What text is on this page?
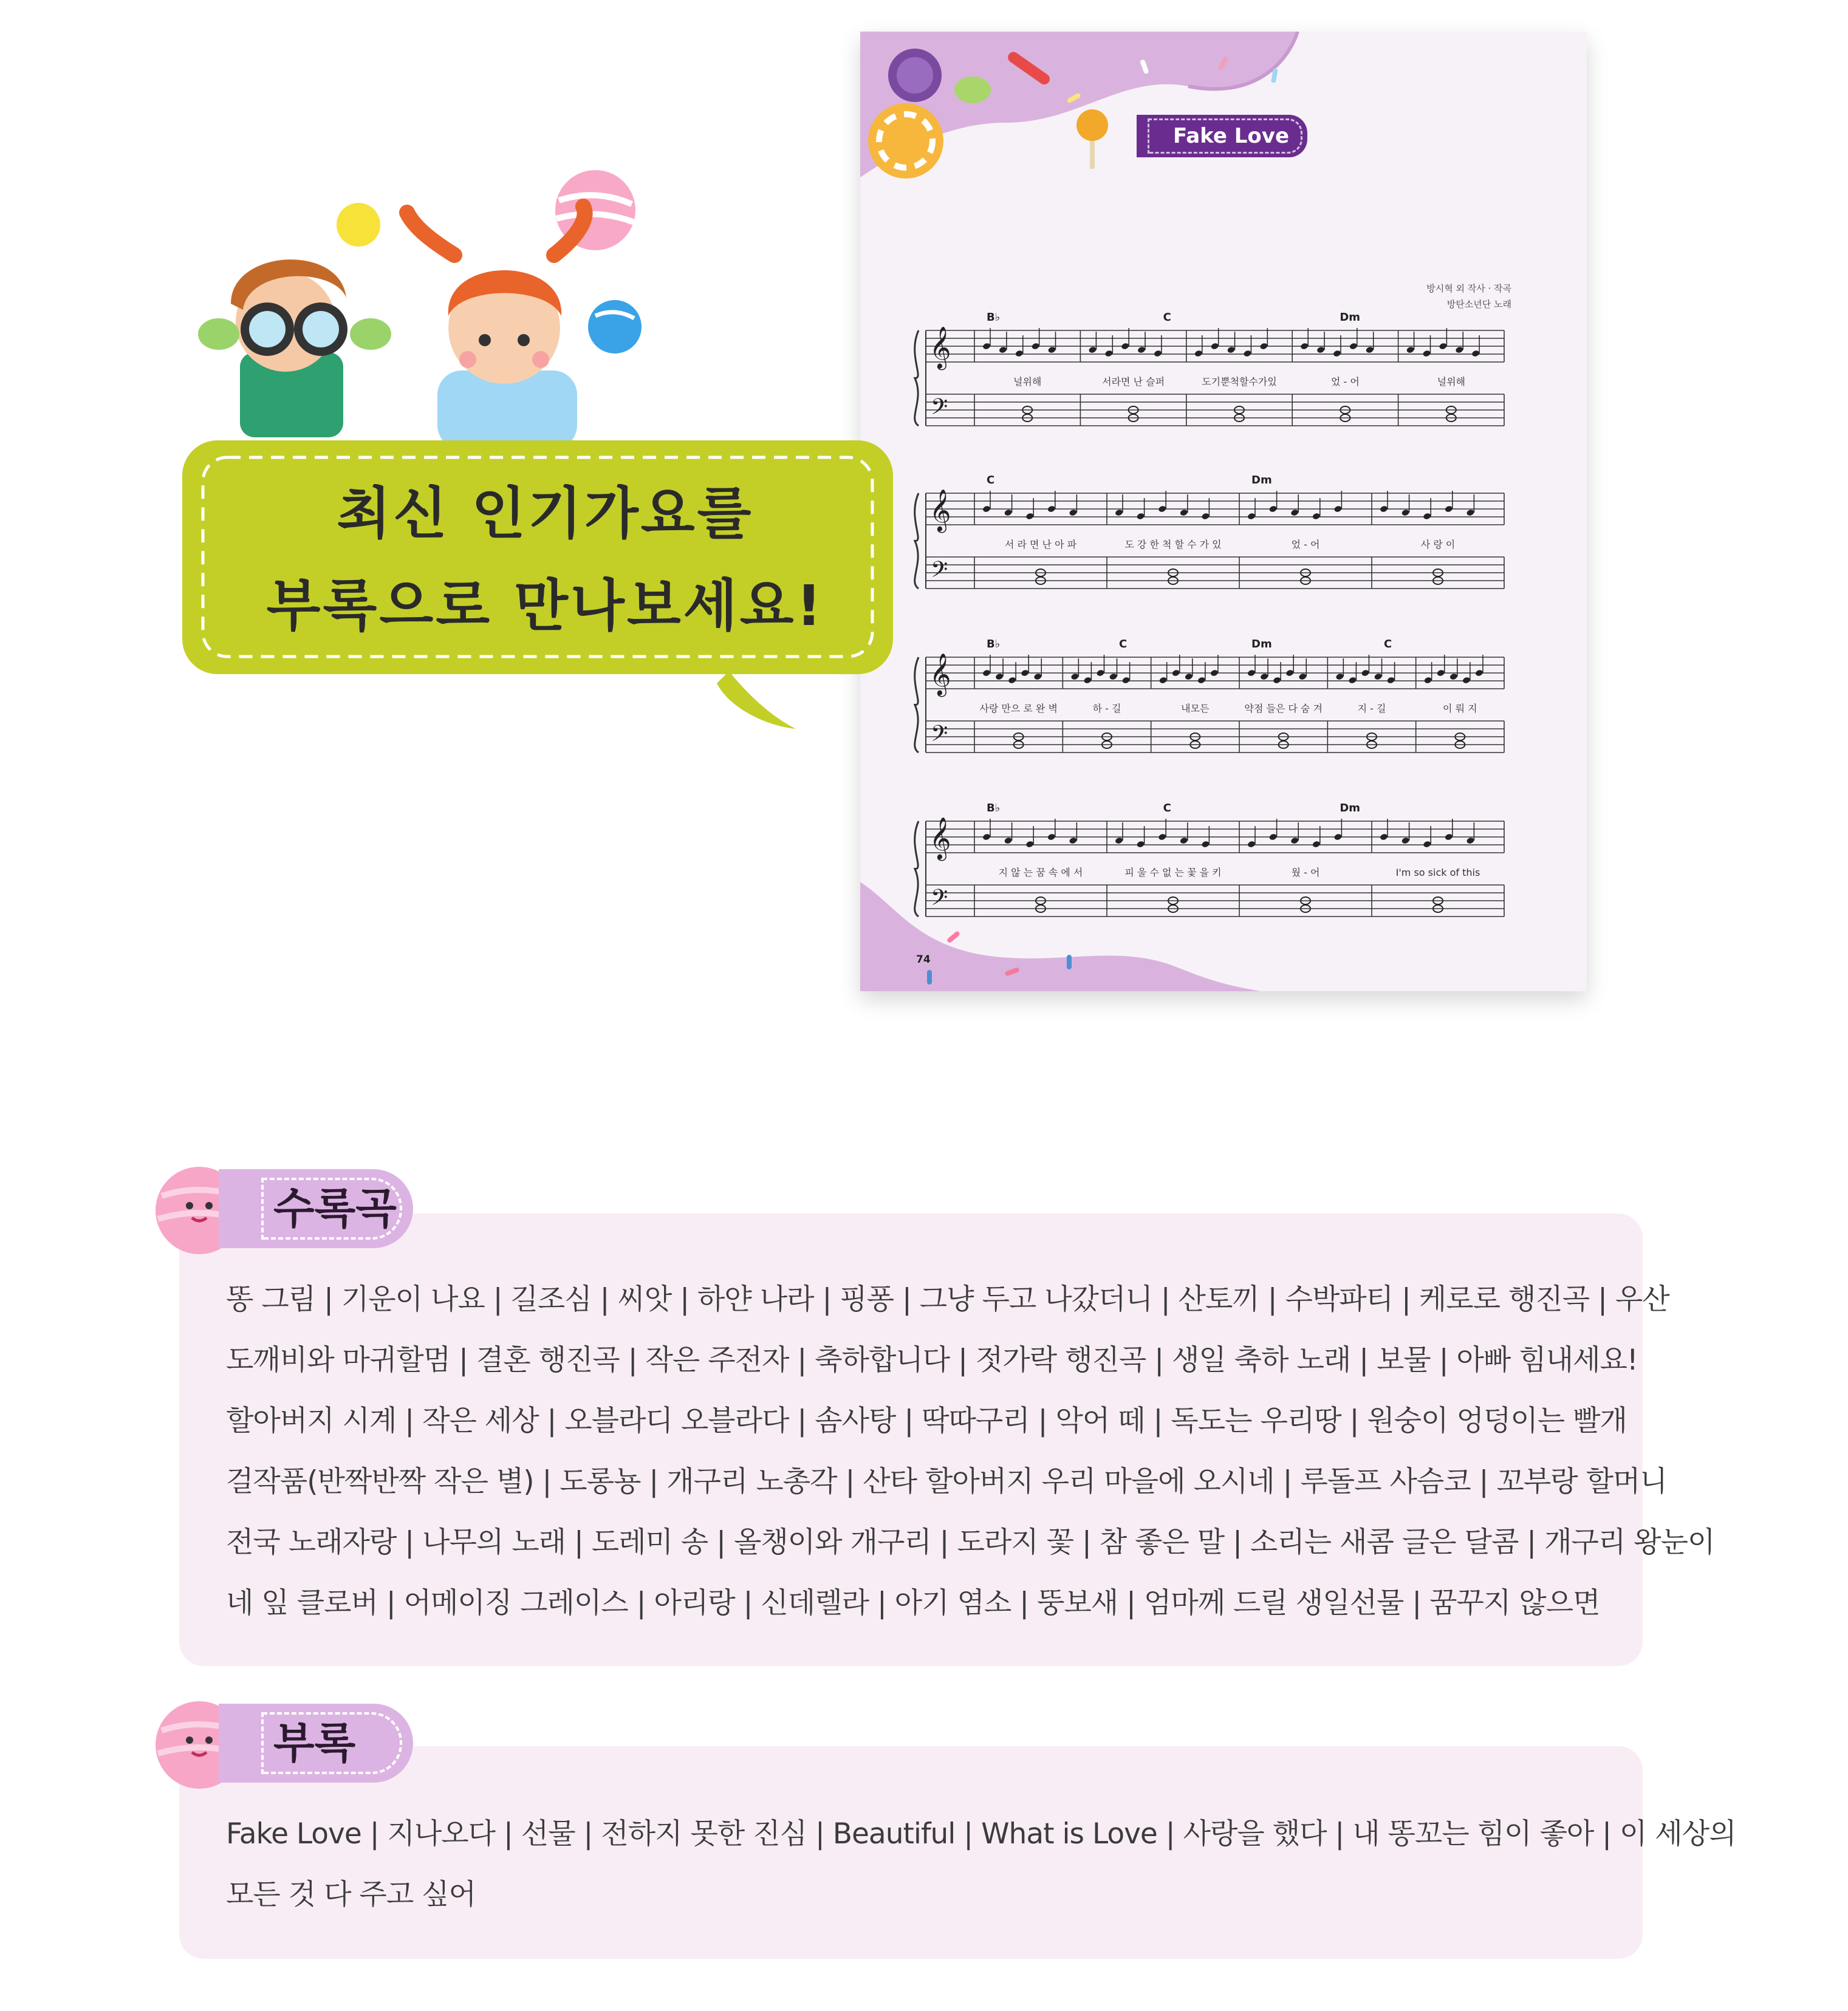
Fake Love
방시혁 외 작사 · 작곡
방탄소년단 노래
𝄞
𝄢
널위해	서라면 난 슬퍼	도기뿐척할수가있	었 - 어	널위해
B♭	C	Dm
𝄞
𝄢
서 라 면 난 아 파	도 강 한 척 할 수 가 있	었 - 어	사 랑 이
C	Dm
𝄞
𝄢
사랑 만으 로 완 벽	하 - 길	내모든	약점 들은 다 숨 겨	지 - 길	이 뤄 지
B♭	C	Dm	C
𝄞
𝄢
지 않 는 꿈 속 에 서	피 울 수 없 는 꽃 을 키	웠 - 어	I'm so sick of this
B♭	C	Dm
74
최신 인기가요를
부록으로 만나보세요!
수록곡
똥 그림 | 기운이 나요 | 길조심 | 씨앗 | 하얀 나라 | 핑퐁 | 그냥 두고 나갔더니 | 산토끼 | 수박파티 | 케로로 행진곡 | 우산
도깨비와 마귀할멈 | 결혼 행진곡 | 작은 주전자 | 축하합니다 | 젓가락 행진곡 | 생일 축하 노래 | 보물 | 아빠 힘내세요!
할아버지 시계 | 작은 세상 | 오블라디 오블라다 | 솜사탕 | 딱따구리 | 악어 떼 | 독도는 우리땅 | 원숭이 엉덩이는 빨개
걸작품(반짝반짝 작은 별) | 도롱뇽 | 개구리 노총각 | 산타 할아버지 우리 마을에 오시네 | 루돌프 사슴코 | 꼬부랑 할머니
전국 노래자랑 | 나무의 노래 | 도레미 송 | 올챙이와 개구리 | 도라지 꽃 | 참 좋은 말 | 소리는 새콤 글은 달콤 | 개구리 왕눈이
네 잎 클로버 | 어메이징 그레이스 | 아리랑 | 신데렐라 | 아기 염소 | 뚱보새 | 엄마께 드릴 생일선물 | 꿈꾸지 않으면
부록
Fake Love | 지나오다 | 선물 | 전하지 못한 진심 | Beautiful | What is Love | 사랑을 했다 | 내 똥꼬는 힘이 좋아 | 이 세상의
모든 것 다 주고 싶어
